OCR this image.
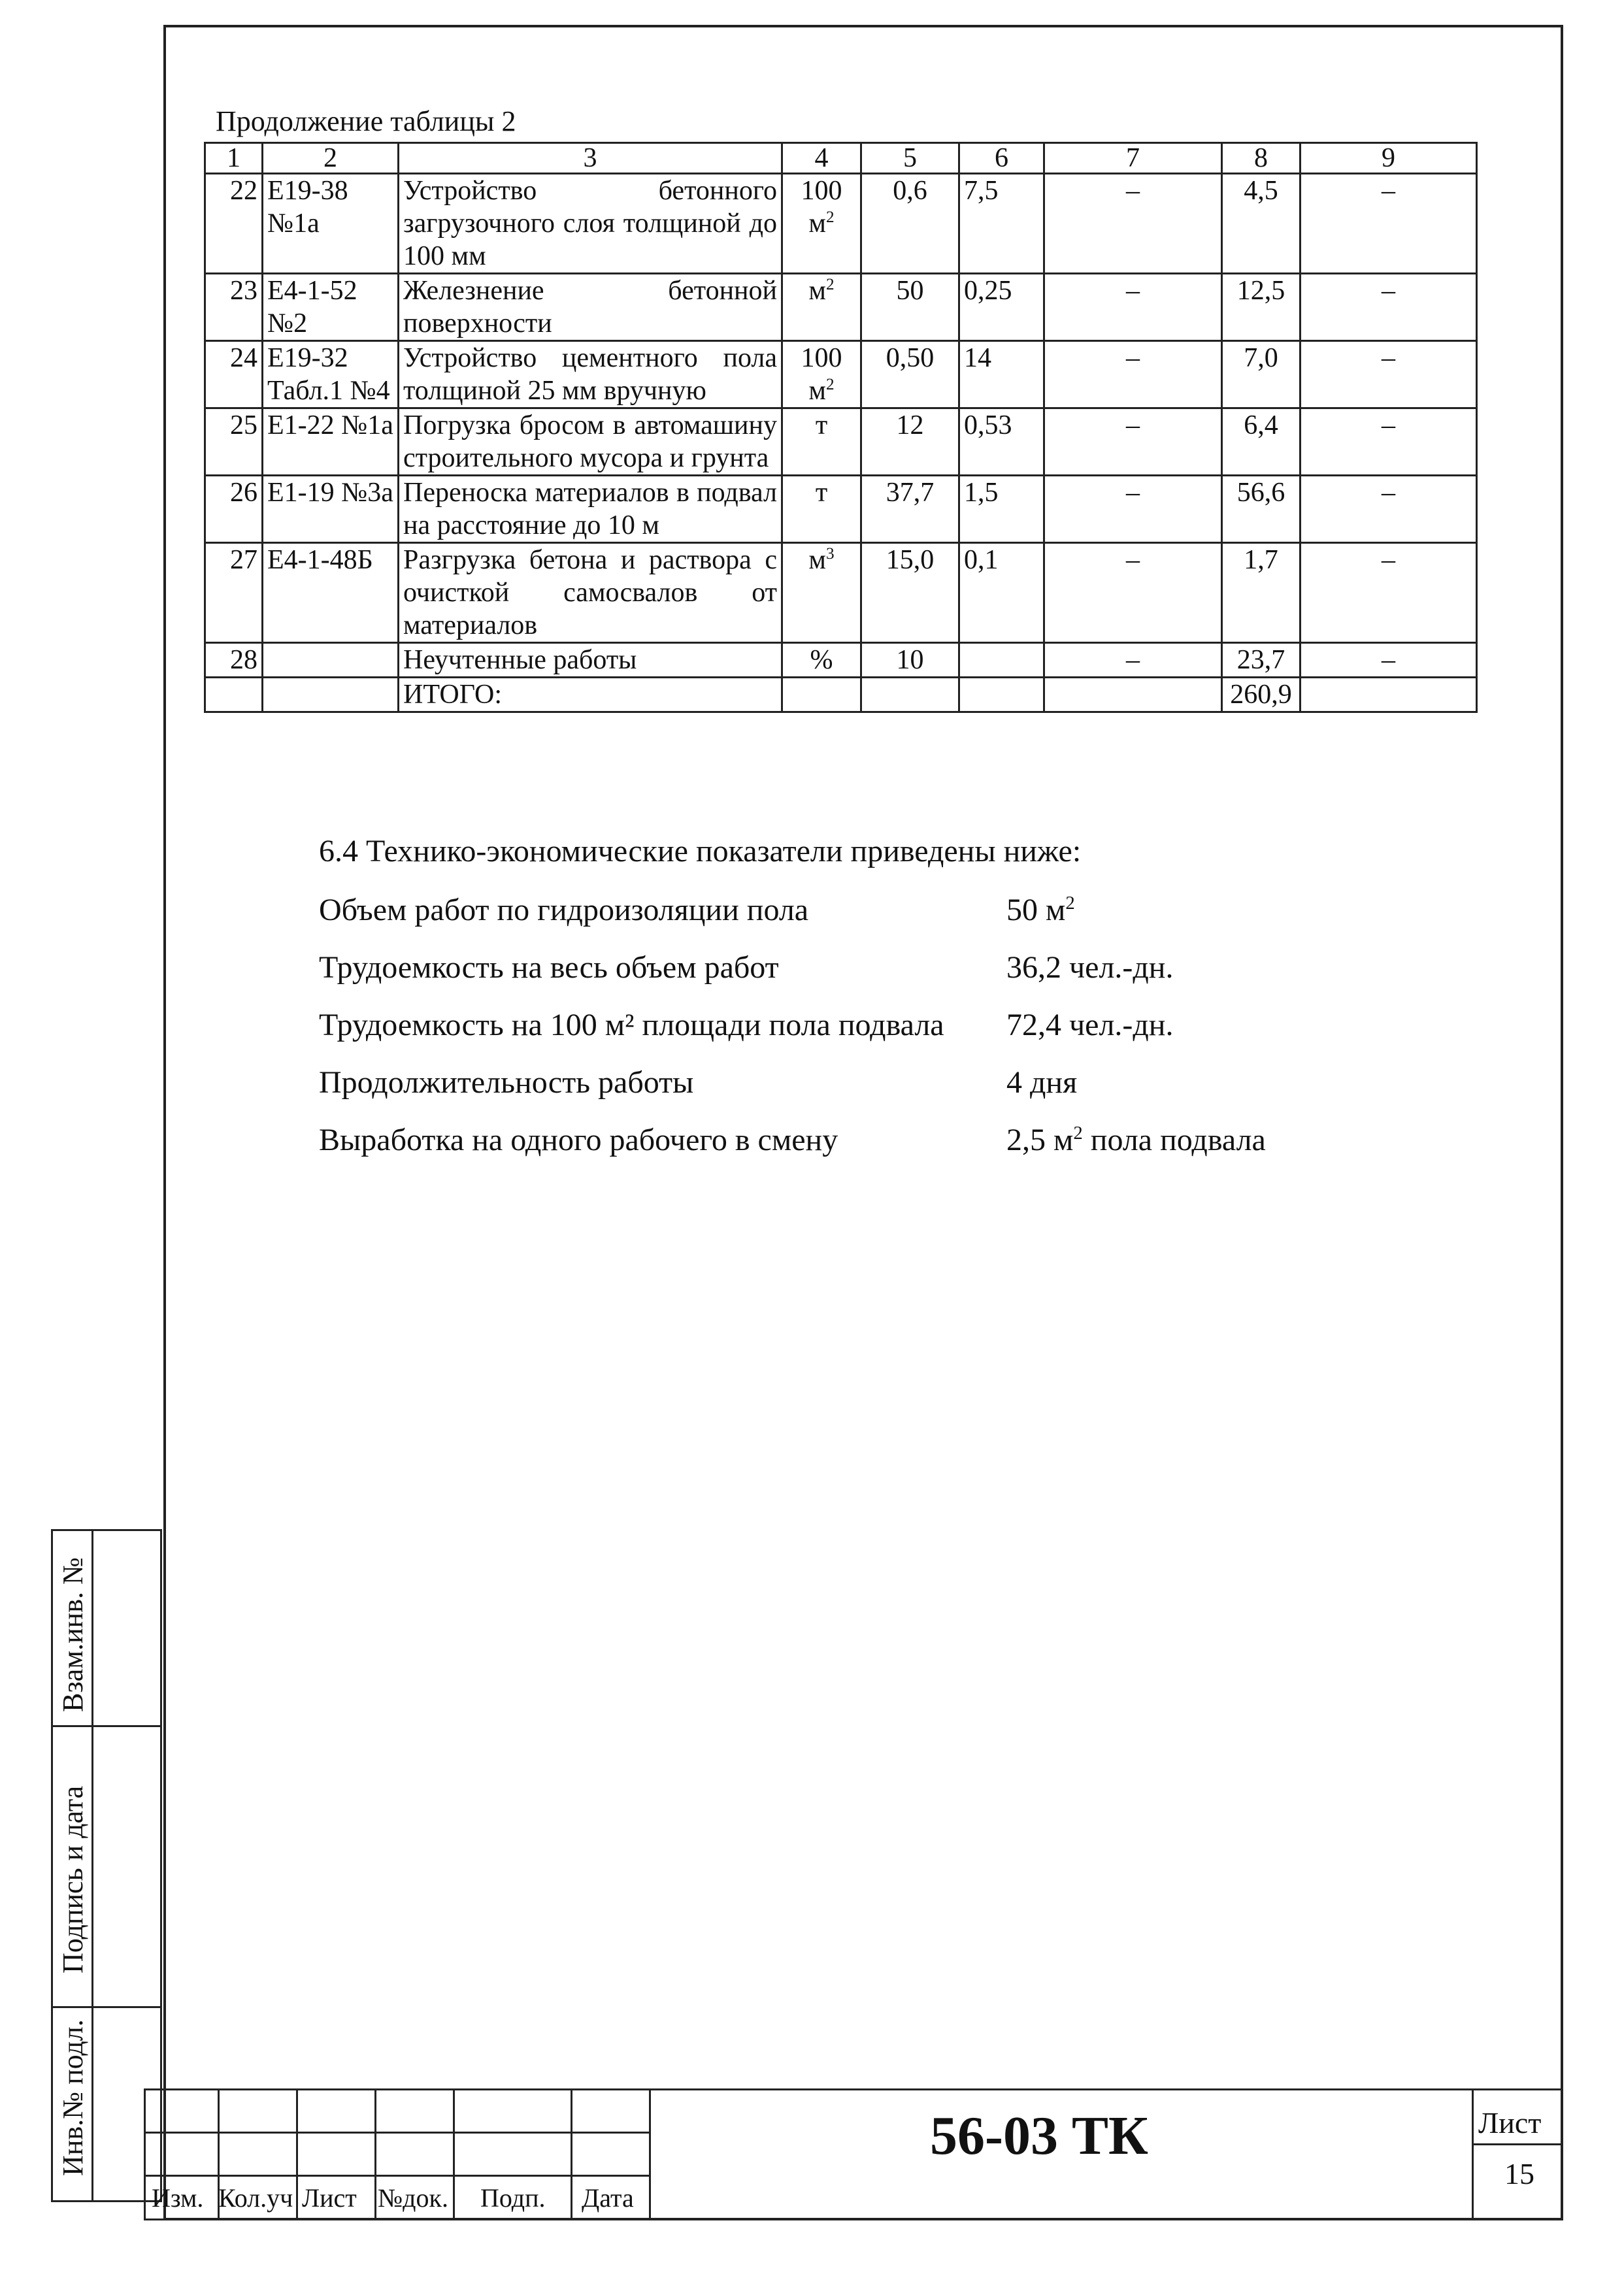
Взам.инв. №
Подпись и дата
Инв.№ подл.
Продолжение таблицы 2
1	2	3	4	5	6	7	8	9
22	Е19-38 №1а	Устройство бетонного загрузочного слоя толщиной до 100 мм	100 $м^2$	0,6	7,5	–	4,5	–
23	Е4-1-52 №2	Железнение бетонной поверхности	$м^2$	50	0,25	–	12,5	–
24	Е19-32 Табл.1 №4	Устройство цементного пола толщиной 25 мм вручную	100 $м^2$	0,50	14	–	7,0	–
25	Е1-22 №1а	Погрузка бросом в автомашину строительного мусора и грунта	т	12	0,53	–	6,4	–
26	Е1-19 №3а	Переноска материалов в подвал на расстояние до 10 м	т	37,7	1,5	–	56,6	–
27	Е4-1-48Б	Разгрузка бетона и раствора с очисткой самосвалов от материалов	$м^3$	15,0	0,1	–	1,7	–
28		Неучтенные работы	%	10		–	23,7	–
		ИТОГО:					260,9	
6.4 Технико-экономические показатели приведены ниже:
Объем работ по гидроизоляции пола	50 $м^2$
Трудоемкость на весь объем работ	36,2 чел.-дн.
Трудоемкость на 100 м² площади пола подвала 72,4 чел.-дн.
Продолжительность работы	4 дня
Выработка на одного рабочего в смену	2,5 $м^2$ пола подвала
Изм. Кол.уч Лист №док. Подп. Дата
56-03 ТК	Лист
15
